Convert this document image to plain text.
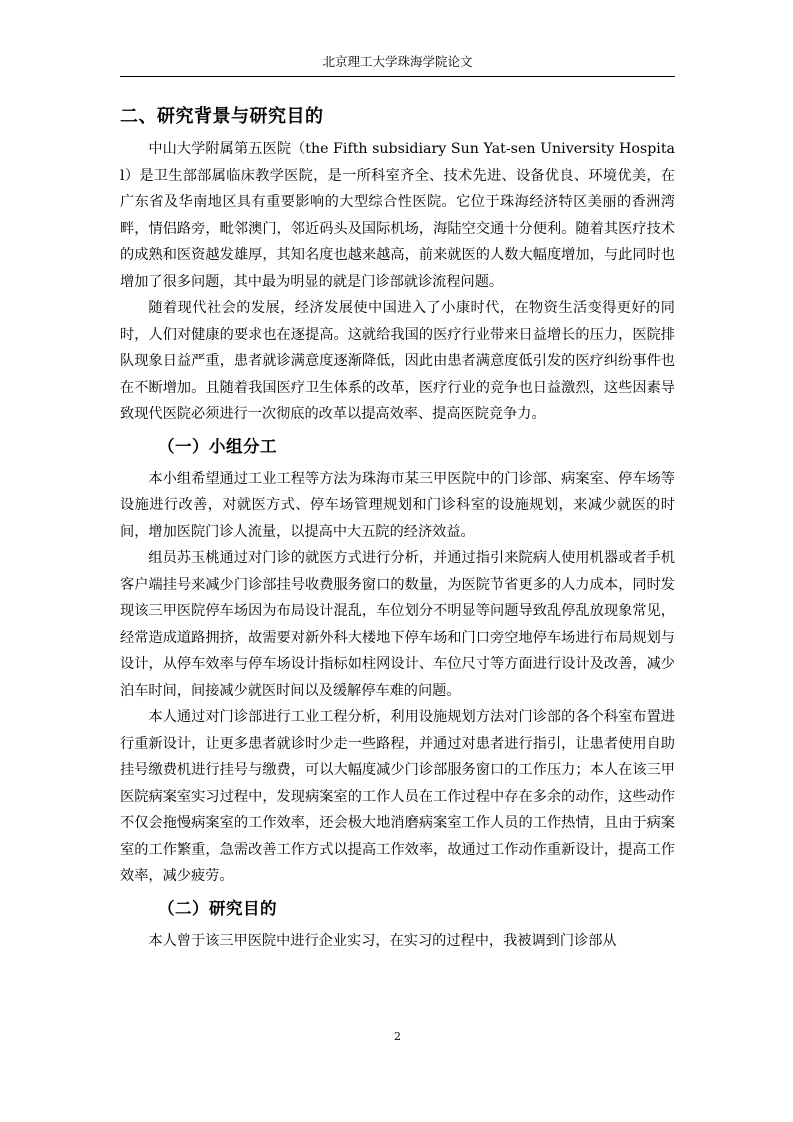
北京理工大学珠海学院论文
二、研究背景与研究目的

中山大学附属第五医院（the Fifth subsidiary Sun Yat-sen University Hospital）是卫生部部属临床教学医院，是一所科室齐全、技术先进、设备优良、环境优美，在广东省及华南地区具有重要影响的大型综合性医院。它位于珠海经济特区美丽的香洲湾畔，情侣路旁，毗邻澳门，邻近码头及国际机场，海陆空交通十分便利。随着其医疗技术的成熟和医资越发雄厚，其知名度也越来越高，前来就医的人数大幅度增加，与此同时也增加了很多问题，其中最为明显的就是门诊部就诊流程问题。

随着现代社会的发展，经济发展使中国进入了小康时代，在物资生活变得更好的同时，人们对健康的要求也在逐提高。这就给我国的医疗行业带来日益增长的压力，医院排队现象日益严重，患者就诊满意度逐渐降低，因此由患者满意度低引发的医疗纠纷事件也在不断增加。且随着我国医疗卫生体系的改革，医疗行业的竞争也日益激烈，这些因素导致现代医院必须进行一次彻底的改革以提高效率、提高医院竞争力。

（一）小组分工

本小组希望通过工业工程等方法为珠海市某三甲医院中的门诊部、病案室、停车场等设施进行改善，对就医方式、停车场管理规划和门诊科室的设施规划，来减少就医的时间，增加医院门诊人流量，以提高中大五院的经济效益。

组员苏玉桃通过对门诊的就医方式进行分析，并通过指引来院病人使用机器或者手机客户端挂号来减少门诊部挂号收费服务窗口的数量，为医院节省更多的人力成本，同时发现该三甲医院停车场因为布局设计混乱，车位划分不明显等问题导致乱停乱放现象常见，经常造成道路拥挤，故需要对新外科大楼地下停车场和门口旁空地停车场进行布局规划与设计，从停车效率与停车场设计指标如柱网设计、车位尺寸等方面进行设计及改善，减少泊车时间，间接减少就医时间以及缓解停车难的问题。

本人通过对门诊部进行工业工程分析，利用设施规划方法对门诊部的各个科室布置进行重新设计，让更多患者就诊时少走一些路程，并通过对患者进行指引，让患者使用自助挂号缴费机进行挂号与缴费，可以大幅度减少门诊部服务窗口的工作压力；本人在该三甲医院病案室实习过程中，发现病案室的工作人员在工作过程中存在多余的动作，这些动作不仅会拖慢病案室的工作效率，还会极大地消磨病案室工作人员的工作热情，且由于病案室的工作繁重，急需改善工作方式以提高工作效率，故通过工作动作重新设计，提高工作效率，减少疲劳。

（二）研究目的

本人曾于该三甲医院中进行企业实习，在实习的过程中，我被调到门诊部从

2
